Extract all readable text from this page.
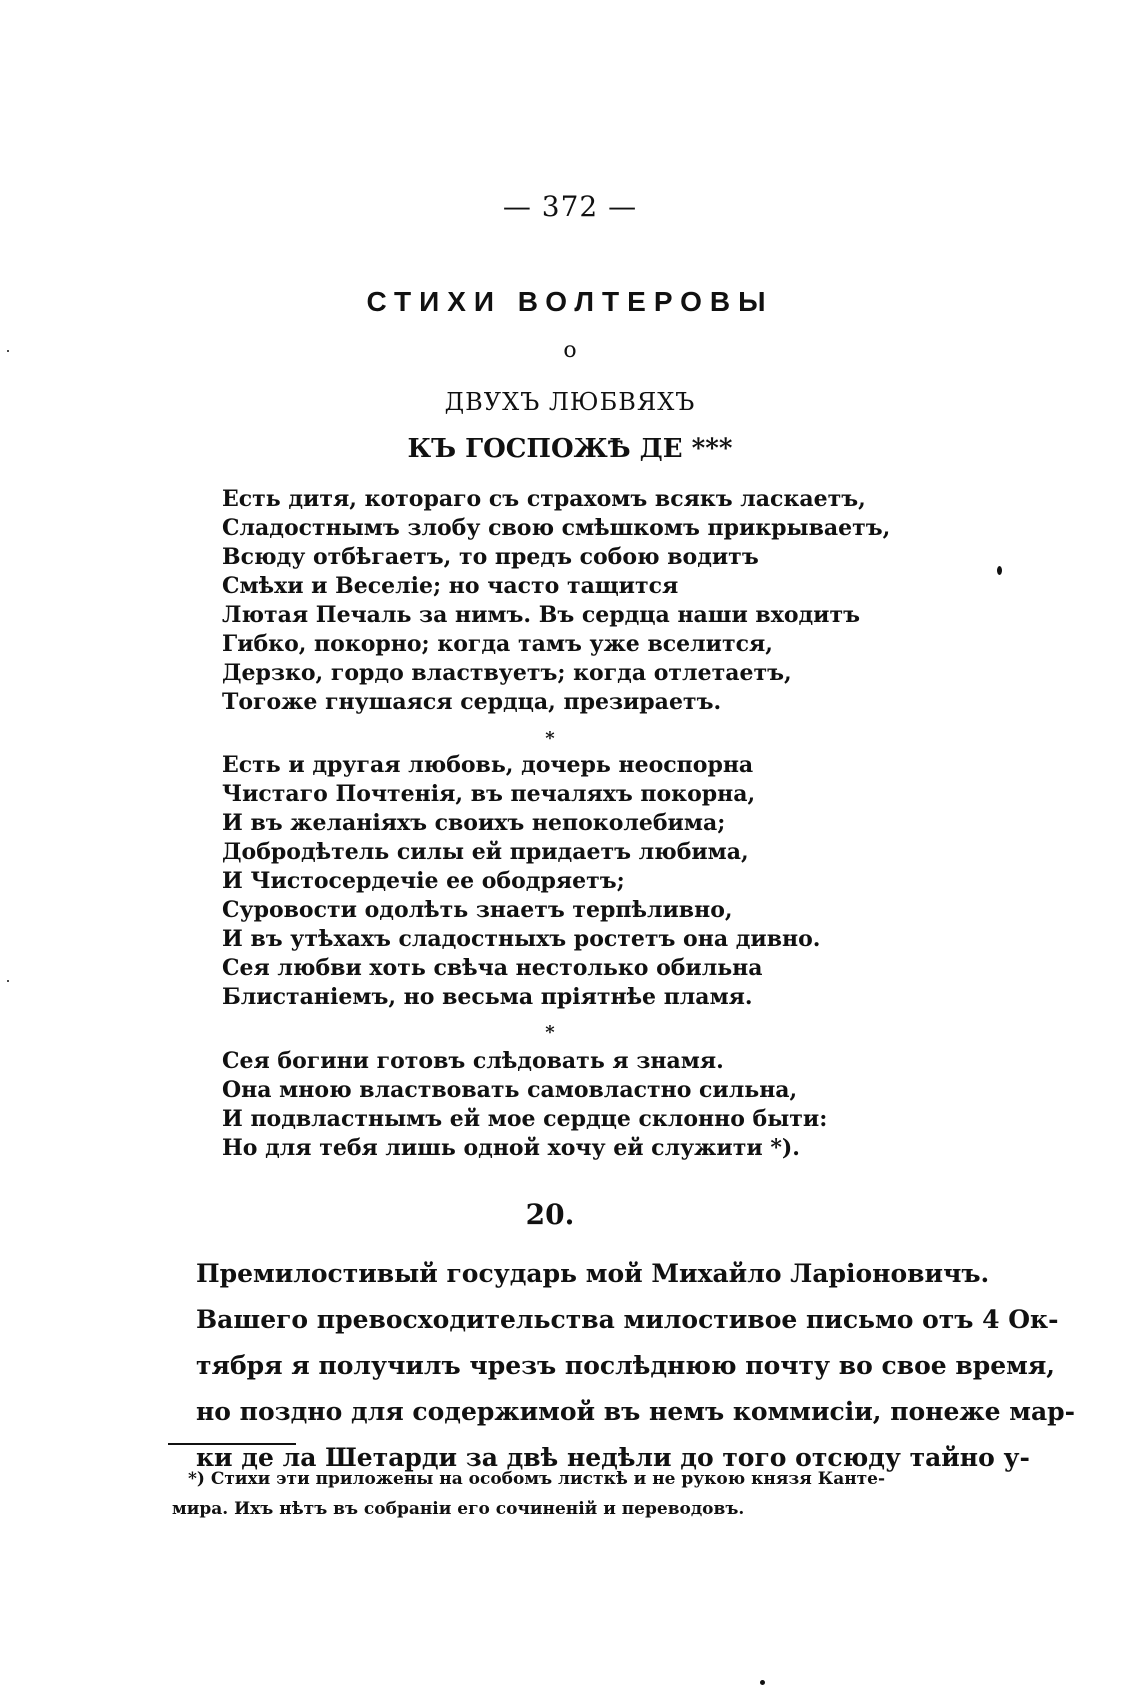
— 372 —
СТИХИ ВОЛТЕРОВЫ
о
ДВУХЪ ЛЮБВЯХЪ
КЪ ГОСПОЖѢ ДЕ ***
Есть дитя, котораго съ страхомъ всякъ ласкаетъ,
Сладостнымъ злобу свою смѣшкомъ прикрываетъ,
Всюду отбѣгаетъ, то предъ собою водитъ
Смѣхи и Веселіе; но часто тащится
Лютая Печаль за нимъ. Въ сердца наши входитъ
Гибко, покорно; когда тамъ уже вселится,
Дерзко, гордо властвуетъ; когда отлетаетъ,
Тогоже гнушаяся сердца, презираетъ.
*
Есть и другая любовь, дочерь неоспорна
Чистаго Почтенія, въ печаляхъ покорна,
И въ желаніяхъ своихъ непоколебима;
Добродѣтель силы ей придаетъ любима,
И Чистосердечіе ее ободряетъ;
Суровости одолѣть знаетъ терпѣливно,
И въ утѣхахъ сладостныхъ ростетъ она дивно.
Сея любви хоть свѣча нестолько обильна
Блистаніемъ, но весьма пріятнѣе пламя.
*
Сея богини готовъ слѣдовать я знамя.
Она мною властвовать самовластно сильна,
И подвластнымъ ей мое сердце склонно быти:
Но для тебя лишь одной хочу ей служити *).
20.
Премилостивый государь мой Михайло Ларіоновичъ.
Вашего превосходительства милостивое письмо отъ 4 Ок-
тября я получилъ чрезъ послѣднюю почту во свое время,
но поздно для содержимой въ немъ коммисіи, понеже мар-
ки де ла Шетарди за двѣ недѣли до того отсюду тайно у-
*) Стихи эти приложены на особомъ листкѣ и не рукою князя Канте-
мира. Ихъ нѣтъ въ собраніи его сочиненій и переводовъ.
